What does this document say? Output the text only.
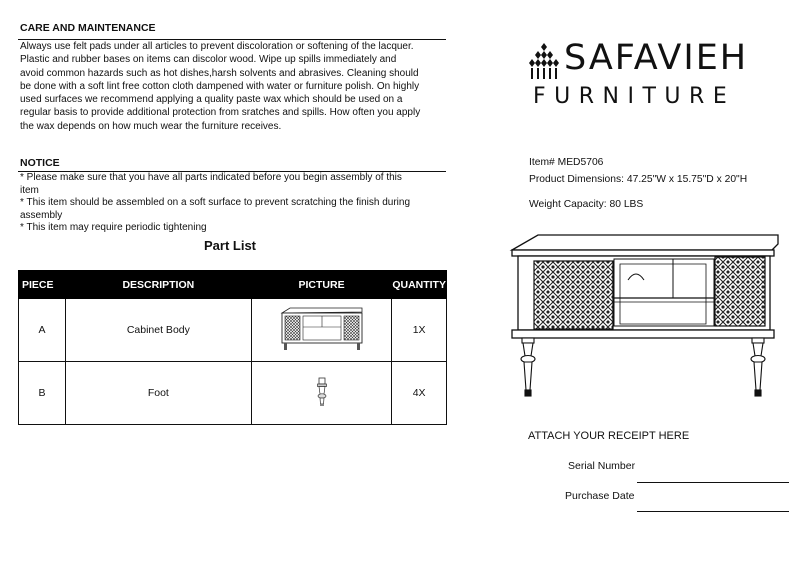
CARE AND MAINTENANCE
Always use felt pads under all articles to prevent discoloration or softening of the lacquer.
Plastic and rubber bases on items can discolor wood. Wipe up spills immediately and
avoid common hazards such as hot dishes,harsh solvents and abrasives. Cleaning should
be done with a soft lint free cotton cloth dampened with water or furniture polish. On highly
used surfaces we recommend applying a quality paste wax which should be used on a
regular basis to provide additional protection from sratches and spills. How often you apply
the wax depends on how much wear the furniture receives.
NOTICE
* Please make sure that you have all parts indicated before you begin assembly of this
item
* This item should be assembled on a soft surface to prevent scratching the finish during
assembly
* This item may require periodic tightening
Part List
PIECE	DESCRIPTION	PICTURE	QUANTITY
A	Cabinet Body		1X
B	Foot		4X
SAFAVIEH
FURNITURE
Item# MED5706
Product Dimensions: 47.25"W x 15.75"D x 20"H
Weight Capacity: 80 LBS
ATTACH YOUR RECEIPT HERE
Serial Number
Purchase Date
